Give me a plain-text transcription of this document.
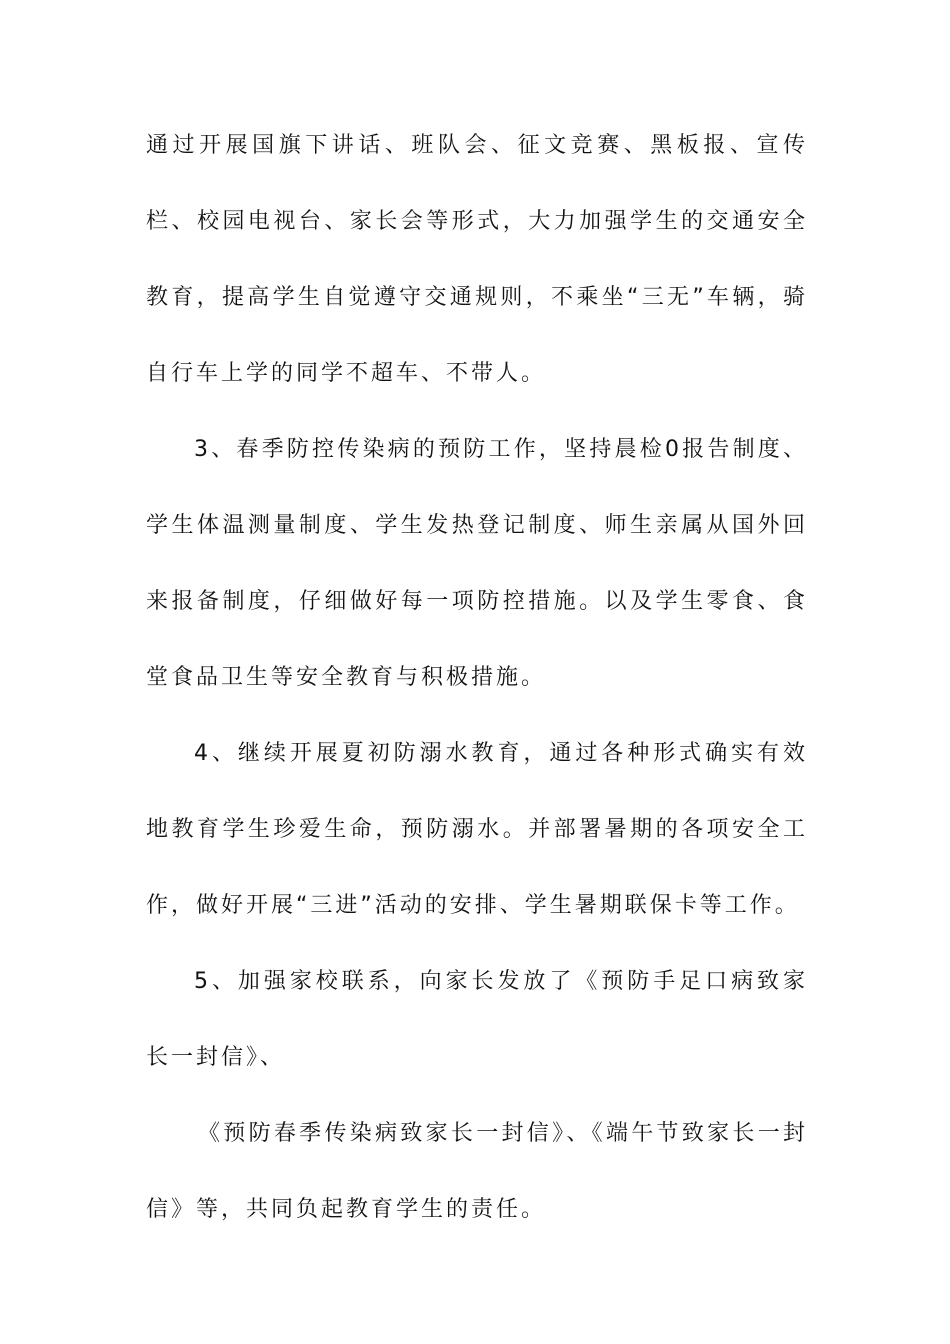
通过开展国旗下讲话、班队会、征文竞赛、黑板报、宣传栏、校园电视台、家长会等形式，大力加强学生的交通安全教育，提高学生自觉遵守交通规则，不乘坐“三无”车辆，骑自行车上学的同学不超车、不带人。

3、春季防控传染病的预防工作，坚持晨检0报告制度、学生体温测量制度、学生发热登记制度、师生亲属从国外回来报备制度，仔细做好每一项防控措施。以及学生零食、食堂食品卫生等安全教育与积极措施。

4、继续开展夏初防溺水教育，通过各种形式确实有效地教育学生珍爱生命，预防溺水。并部署暑期的各项安全工作，做好开展“三进”活动的安排、学生暑期联保卡等工作。

5、加强家校联系，向家长发放了《预防手足口病致家长一封信》、

《预防春季传染病致家长一封信》、《端午节致家长一封信》等，共同负起教育学生的责任。
